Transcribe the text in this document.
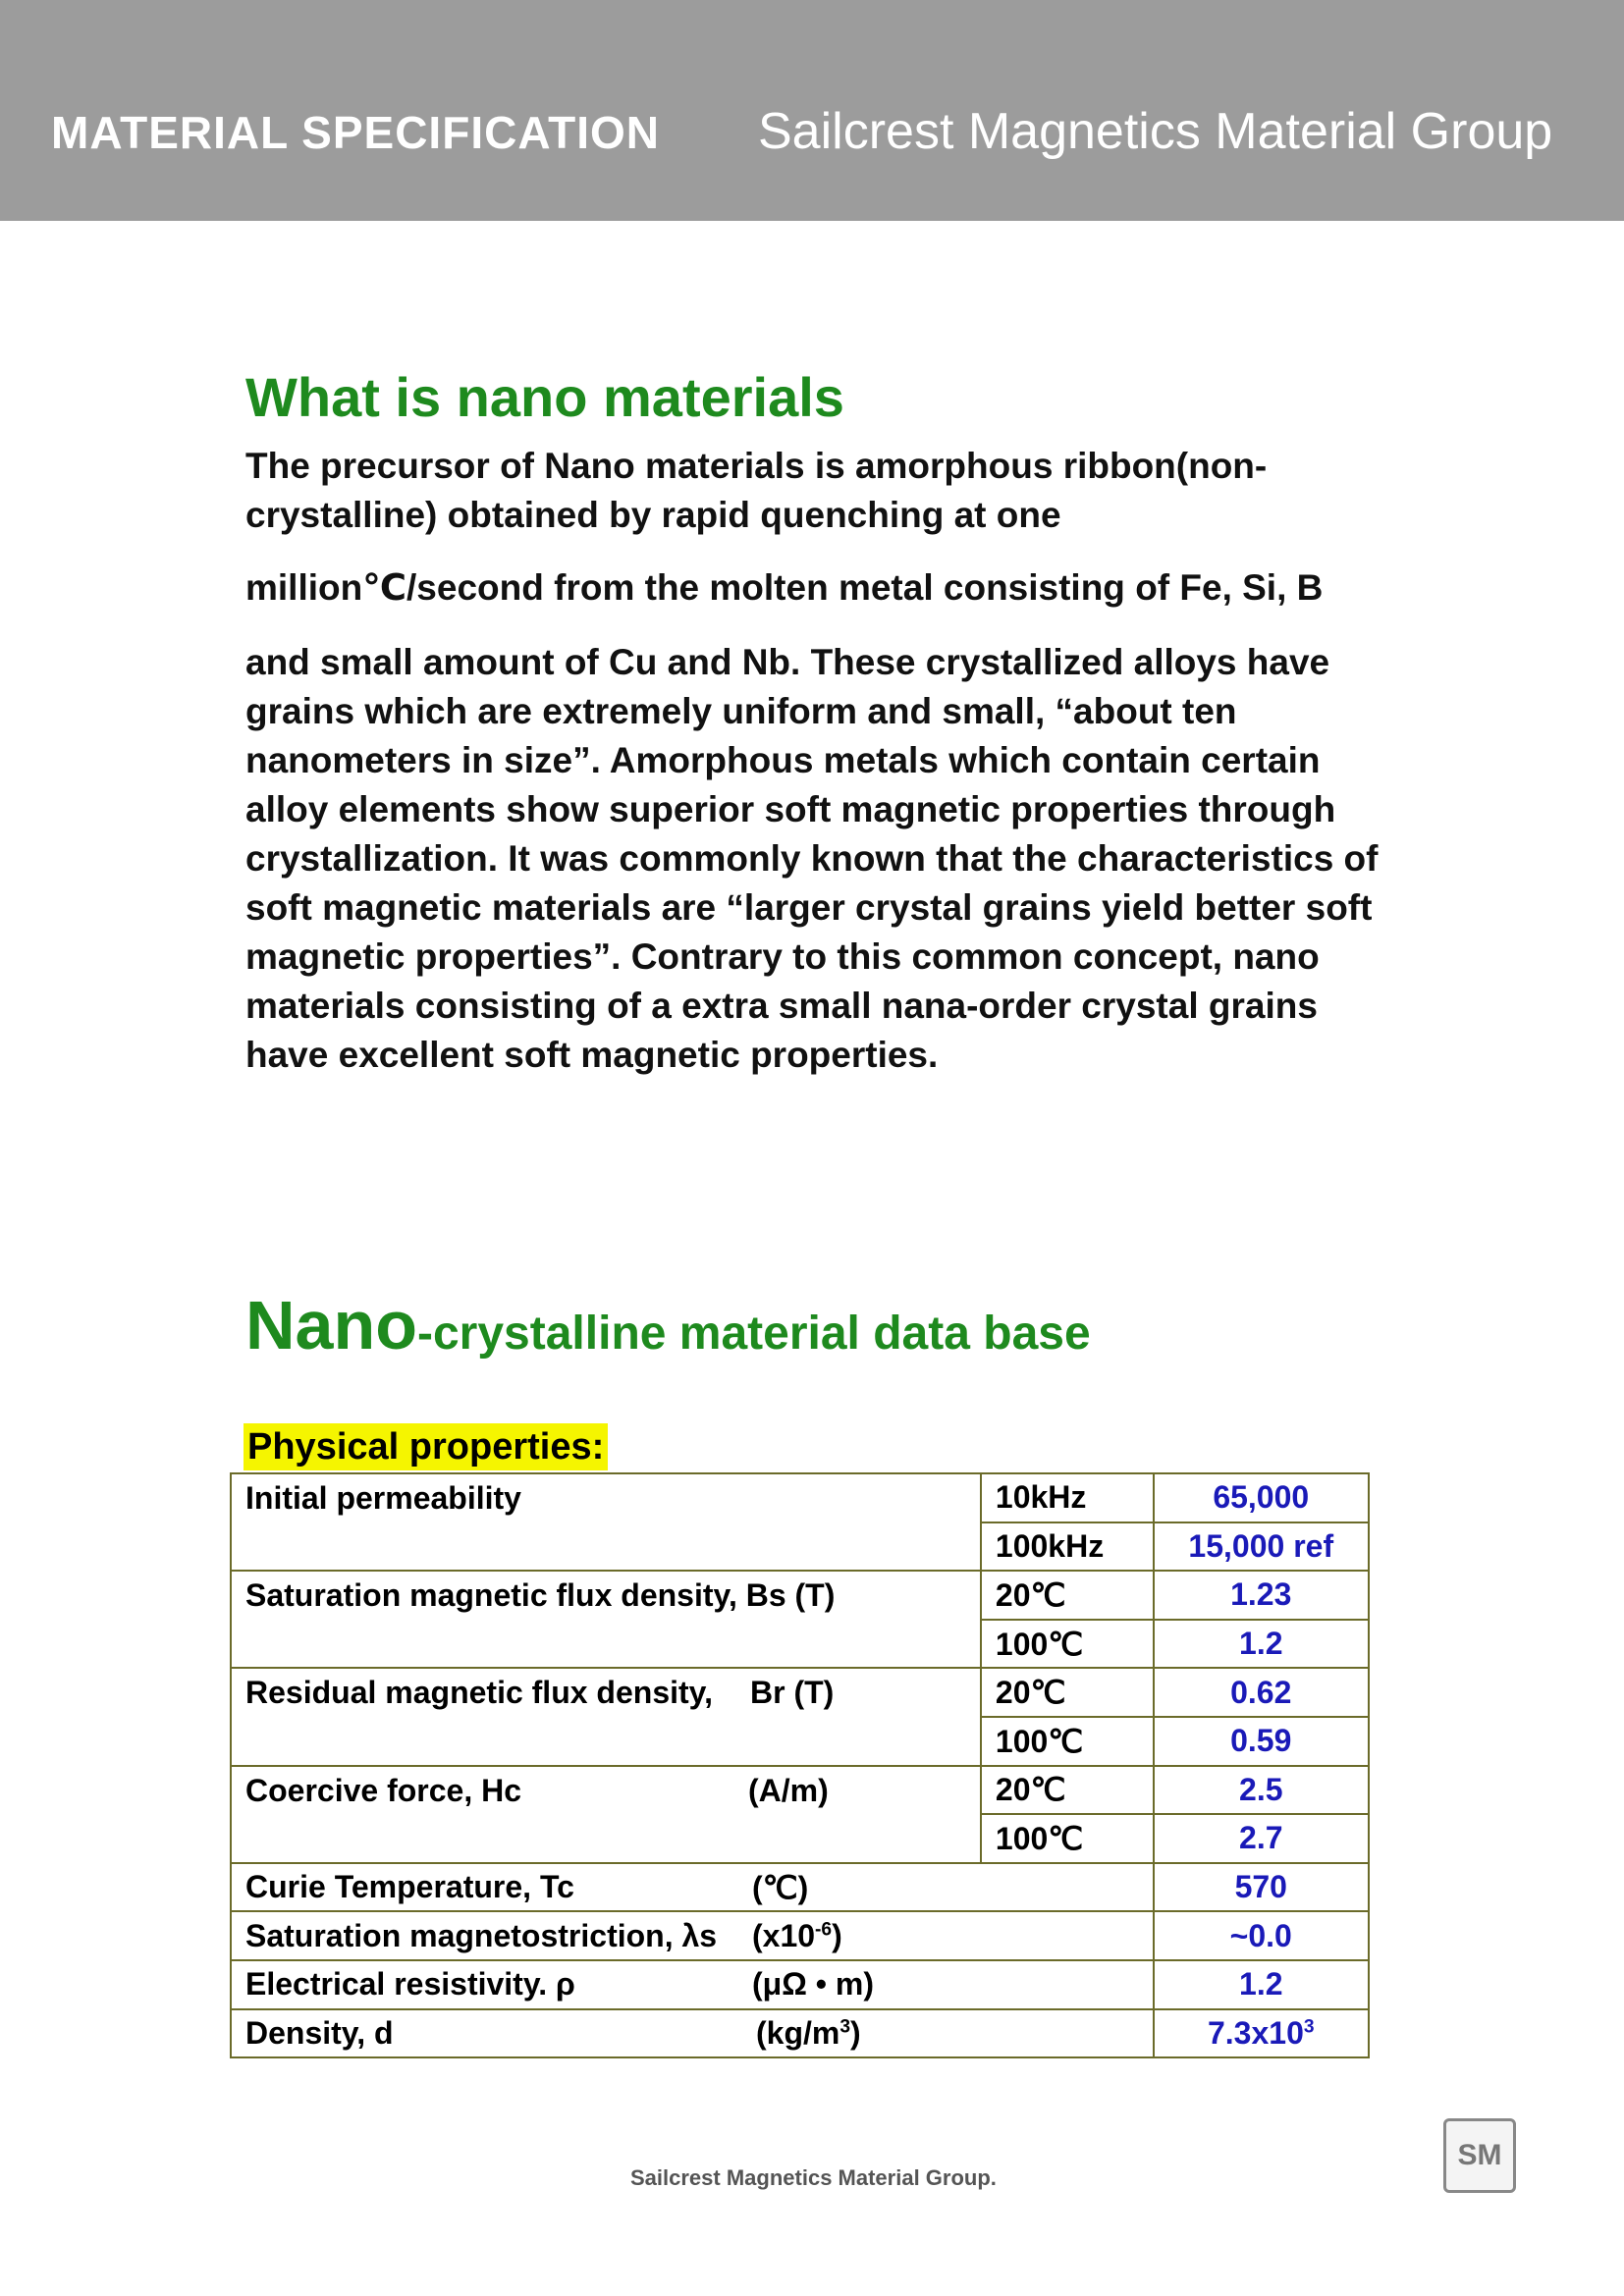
MATERIAL SPECIFICATION Sailcrest Magnetics Material Group
What is nano materials
The precursor of Nano materials is amorphous ribbon(non-crystalline) obtained by rapid quenching at one
million℃/second from the molten metal consisting of Fe, Si, B
and small amount of Cu and Nb. These crystallized alloys have grains which are extremely uniform and small, “about ten nanometers in size”. Amorphous metals which contain certain alloy elements show superior soft magnetic properties through crystallization. It was commonly known that the characteristics of soft magnetic materials are “larger crystal grains yield better soft magnetic properties”. Contrary to this common concept, nano materials consisting of a extra small nana-order crystal grains have excellent soft magnetic properties.
Nano-crystalline material data base
Physical properties:
Initial permeability	10kHz	65,000
	100kHz	15,000 ref
Saturation magnetic flux density, Bs (T)	20℃	1.23
	100℃	1.2
Residual magnetic flux density, Br (T)	20℃	0.62
	100℃	0.59
Coercive force, Hc (A/m)	20℃	2.5
	100℃	2.7
Curie Temperature, Tc (℃)		570
Saturation magnetostriction, λs $(x10^{-6})$		~0.0
Electrical resistivity. ρ (μΩ • m)		1.2
Density, d $(kg/m^3)$		$7.3x10^3$
Sailcrest Magnetics Material Group.
SM
